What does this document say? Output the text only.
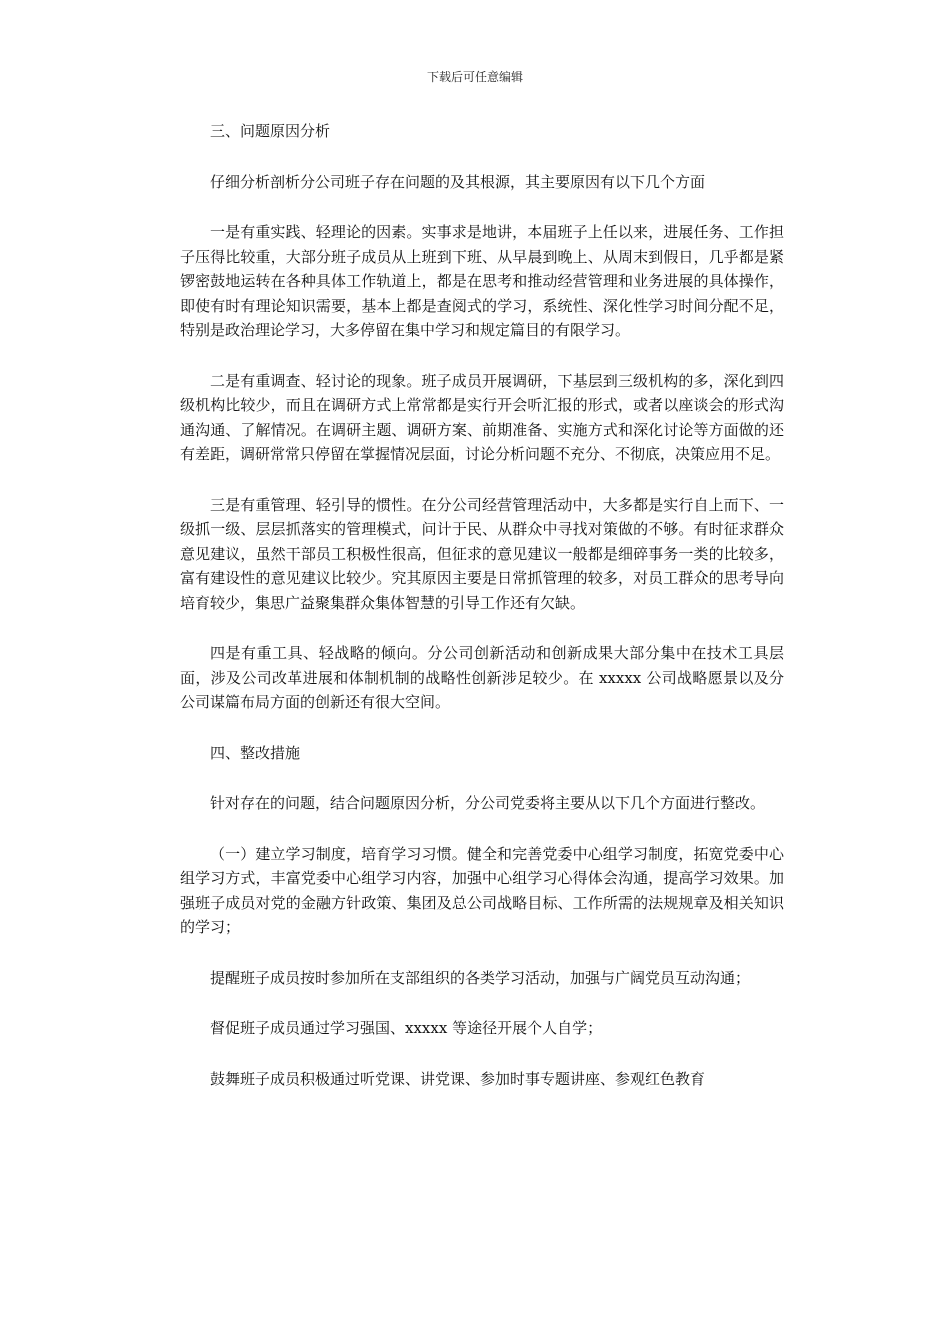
下载后可任意编辑

三、问题原因分析

仔细分析剖析分公司班子存在问题的及其根源，其主要原因有以下几个方面

一是有重实践、轻理论的因素。实事求是地讲，本届班子上任以来，进展任务、工作担子压得比较重，大部分班子成员从上班到下班、从早晨到晚上、从周末到假日，几乎都是紧锣密鼓地运转在各种具体工作轨道上，都是在思考和推动经营管理和业务进展的具体操作，即使有时有理论知识需要，基本上都是查阅式的学习，系统性、深化性学习时间分配不足，特别是政治理论学习，大多停留在集中学习和规定篇目的有限学习。

二是有重调查、轻讨论的现象。班子成员开展调研，下基层到三级机构的多，深化到四级机构比较少，而且在调研方式上常常都是实行开会听汇报的形式，或者以座谈会的形式沟通沟通、了解情况。在调研主题、调研方案、前期准备、实施方式和深化讨论等方面做的还有差距，调研常常只停留在掌握情况层面，讨论分析问题不充分、不彻底，决策应用不足。

三是有重管理、轻引导的惯性。在分公司经营管理活动中，大多都是实行自上而下、一级抓一级、层层抓落实的管理模式，问计于民、从群众中寻找对策做的不够。有时征求群众意见建议，虽然干部员工积极性很高，但征求的意见建议一般都是细碎事务一类的比较多，富有建设性的意见建议比较少。究其原因主要是日常抓管理的较多，对员工群众的思考导向培育较少，集思广益聚集群众集体智慧的引导工作还有欠缺。

四是有重工具、轻战略的倾向。分公司创新活动和创新成果大部分集中在技术工具层面，涉及公司改革进展和体制机制的战略性创新涉足较少。在 xxxxx 公司战略愿景以及分公司谋篇布局方面的创新还有很大空间。

四、整改措施

针对存在的问题，结合问题原因分析，分公司党委将主要从以下几个方面进行整改。

（一）建立学习制度，培育学习习惯。健全和完善党委中心组学习制度，拓宽党委中心组学习方式，丰富党委中心组学习内容，加强中心组学习心得体会沟通，提高学习效果。加强班子成员对党的金融方针政策、集团及总公司战略目标、工作所需的法规规章及相关知识的学习；

提醒班子成员按时参加所在支部组织的各类学习活动，加强与广阔党员互动沟通；

督促班子成员通过学习强国、xxxxx 等途径开展个人自学；

鼓舞班子成员积极通过听党课、讲党课、参加时事专题讲座、参观红色教育
